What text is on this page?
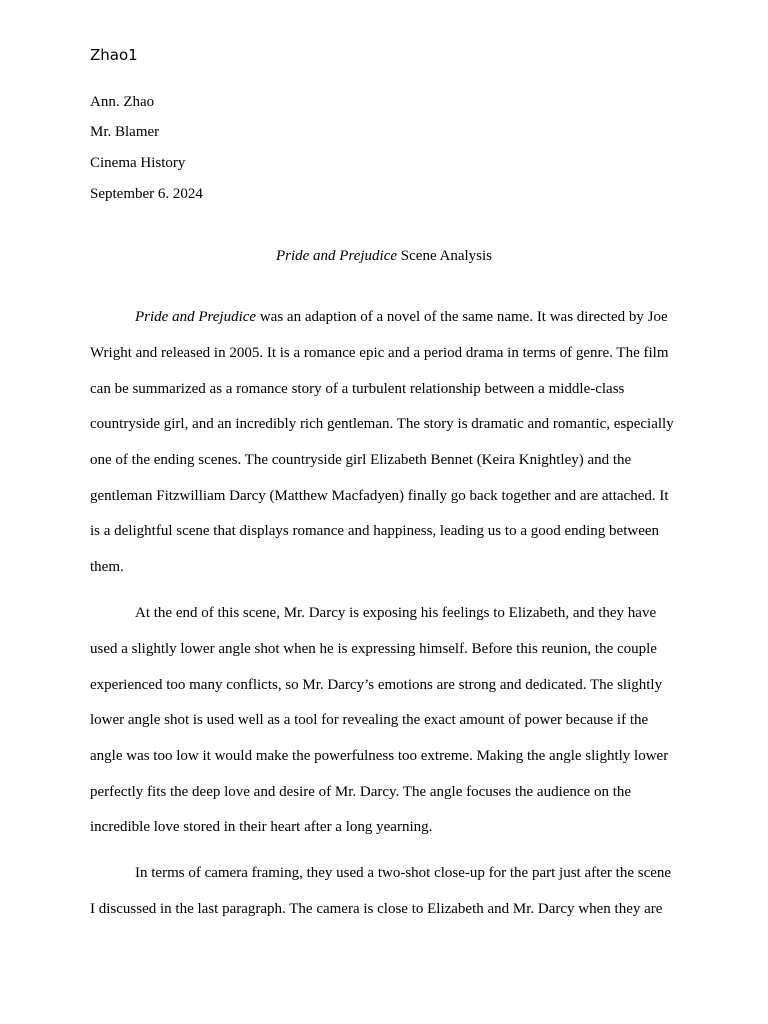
Zhao1
Ann. Zhao
Mr. Blamer
Cinema History
September 6. 2024
Pride and Prejudice Scene Analysis
Pride and Prejudice was an adaption of a novel of the same name. It was directed by Joe
Wright and released in 2005. It is a romance epic and a period drama in terms of genre. The film
can be summarized as a romance story of a turbulent relationship between a middle-class
countryside girl, and an incredibly rich gentleman. The story is dramatic and romantic, especially
one of the ending scenes. The countryside girl Elizabeth Bennet (Keira Knightley) and the
gentleman Fitzwilliam Darcy (Matthew Macfadyen) finally go back together and are attached. It
is a delightful scene that displays romance and happiness, leading us to a good ending between
them.
At the end of this scene, Mr. Darcy is exposing his feelings to Elizabeth, and they have
used a slightly lower angle shot when he is expressing himself. Before this reunion, the couple
experienced too many conflicts, so Mr. Darcy’s emotions are strong and dedicated. The slightly
lower angle shot is used well as a tool for revealing the exact amount of power because if the
angle was too low it would make the powerfulness too extreme. Making the angle slightly lower
perfectly fits the deep love and desire of Mr. Darcy. The angle focuses the audience on the
incredible love stored in their heart after a long yearning.
In terms of camera framing, they used a two-shot close-up for the part just after the scene
I discussed in the last paragraph. The camera is close to Elizabeth and Mr. Darcy when they are
